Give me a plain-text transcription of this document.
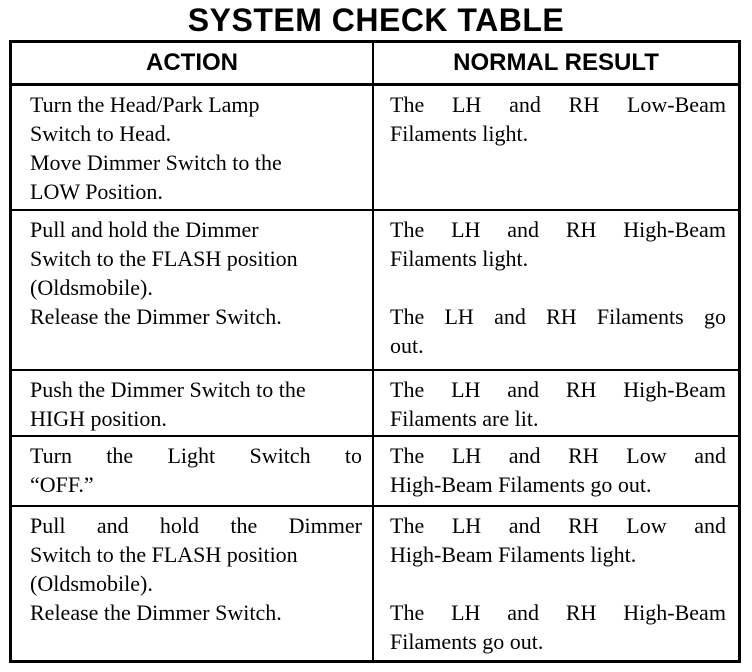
SYSTEM CHECK TABLE
ACTION	NORMAL RESULT
Turn the Head/Park Lamp
Switch to Head.
Move Dimmer Switch to the
LOW Position.
The LH and RH Low-Beam
Filaments light.
Pull and hold the Dimmer
Switch to the FLASH position
(Oldsmobile).
Release the Dimmer Switch.
The LH and RH High-Beam
Filaments light.
The LH and RH Filaments go
out.
Push the Dimmer Switch to the
HIGH position.
The LH and RH High-Beam
Filaments are lit.
Turn the Light Switch to
“OFF.”
The LH and RH Low and
High-Beam Filaments go out.
Pull and hold the Dimmer
Switch to the FLASH position
(Oldsmobile).
Release the Dimmer Switch.
The LH and RH Low and
High-Beam Filaments light.
The LH and RH High-Beam
Filaments go out.
